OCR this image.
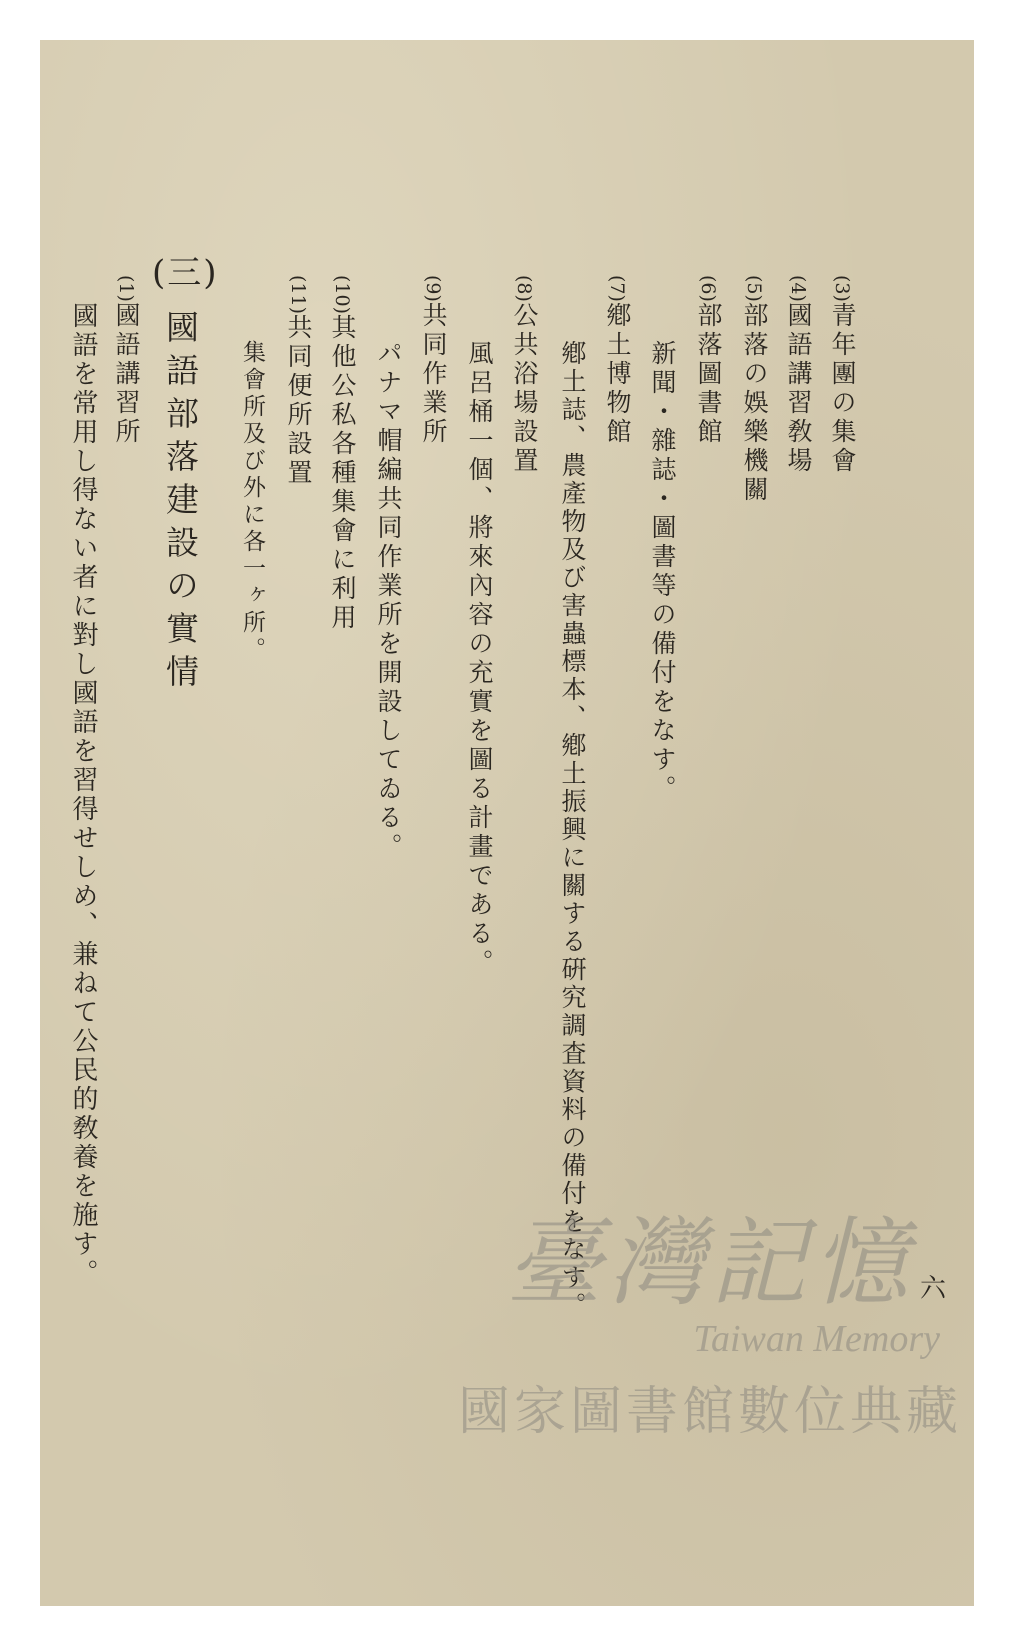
(3)青年團の集會
(4)國語講習敎場
(5)部落の娛樂機關
(6)部落圖書館
新聞・雜誌・圖書等の備付をなす。
(7)鄕土博物館
鄕土誌、農產物及び害蟲標本、鄕土振興に關する硏究調査資料の備付をなす。
(8)公共浴場設置
風呂桶一個、將來內容の充實を圖る計畫である。
(9)共同作業所
パナマ帽編共同作業所を開設してゐる。
(10)其他公私各種集會に利用
(11)共同便所設置
集會所及び外に各一ヶ所。
(三)
國語部落建設の實情
(1)國語講習所
國語を常用し得ない者に對し國語を習得せしめ、兼ねて公民的敎養を施す。
六
臺灣記憶
Taiwan Memory
國家圖書館數位典藏
